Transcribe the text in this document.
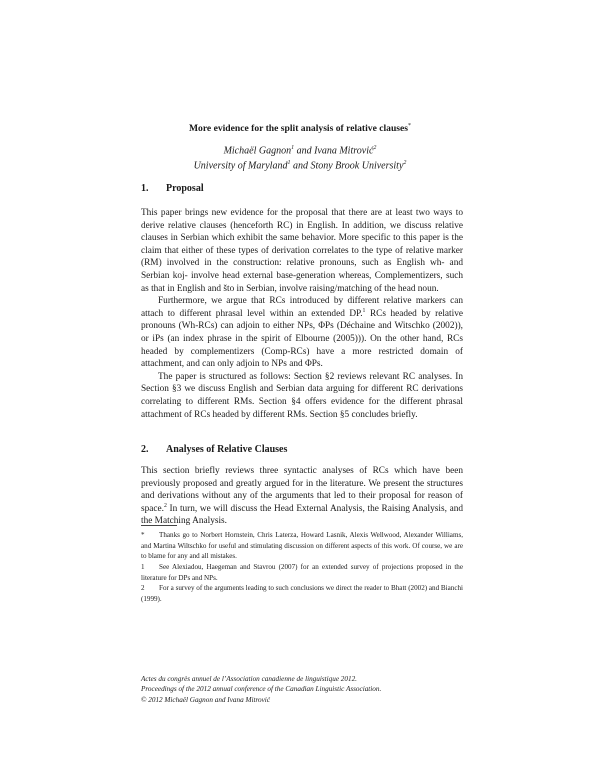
More evidence for the split analysis of relative clauses*
Michaël Gagnon$^1$ and Ivana Mitrović$^2$
University of Maryland$^1$ and Stony Brook University$^2$
1. Proposal

This paper brings new evidence for the proposal that there are at least two ways to derive relative clauses (henceforth RC) in English. In addition, we discuss relative clauses in Serbian which exhibit the same behavior. More specific to this paper is the claim that either of these types of derivation correlates to the type of relative marker (RM) involved in the construction: relative pronouns, such as English wh- and Serbian koj- involve head external base-generation whereas, Complementizers, such as that in English and što in Serbian, involve raising/matching of the head noun.

Furthermore, we argue that RCs introduced by different relative markers can attach to different phrasal level within an extended DP.$^1$ RCs headed by relative pronouns (Wh-RCs) can adjoin to either NPs, ΦPs (Déchaine and Witschko (2002)), or iPs (an index phrase in the spirit of Elbourne (2005))). On the other hand, RCs headed by complementizers (Comp-RCs) have a more restricted domain of attachment, and can only adjoin to NPs and ΦPs.

The paper is structured as follows: Section §2 reviews relevant RC analyses. In Section §3 we discuss English and Serbian data arguing for different RC derivations correlating to different RMs. Section §4 offers evidence for the different phrasal attachment of RCs headed by different RMs. Section §5 concludes briefly.

2. Analyses of Relative Clauses

This section briefly reviews three syntactic analyses of RCs which have been previously proposed and greatly argued for in the literature. We present the structures and derivations without any of the arguments that led to their proposal for reason of space.$^2$ In turn, we will discuss the Head External Analysis, the Raising Analysis, and the Matching Analysis.

* Thanks go to Norbert Hornstein, Chris Laterza, Howard Lasnik, Alexis Wellwood, Alexander Williams, and Martina Wiltschko for useful and stimulating discussion on different aspects of this work. Of course, we are to blame for any and all mistakes.
1 See Alexiadou, Haegeman and Stavrou (2007) for an extended survey of projections proposed in the literature for DPs and NPs.
2 For a survey of the arguments leading to such conclusions we direct the reader to Bhatt (2002) and Bianchi (1999).
Actes du congrès annuel de l’Association canadienne de linguistique 2012.
Proceedings of the 2012 annual conference of the Canadian Linguistic Association.
© 2012 Michaël Gagnon and Ivana Mitrović
